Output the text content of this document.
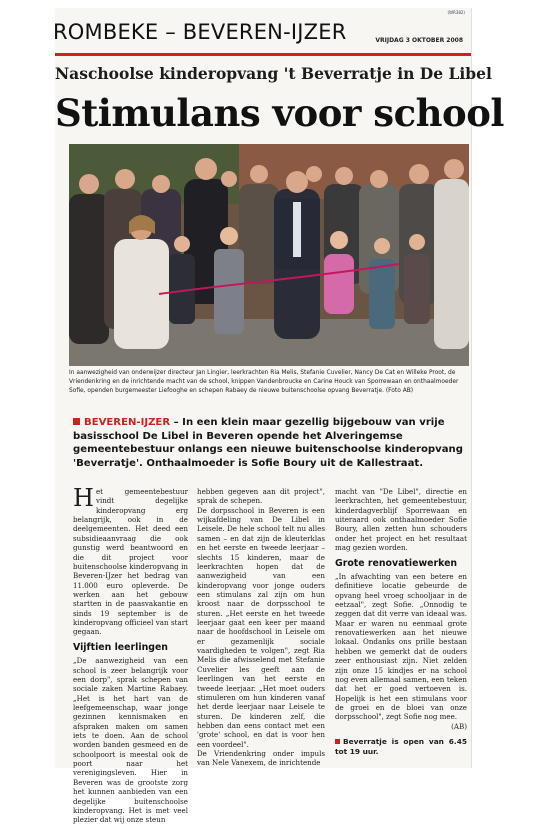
(WR382)
ROMBEKE – BEVEREN-IJZER	VRIJDAG 3 OKTOBER 2008
Naschoolse kinderopvang 't Beverratje in De Libel
Stimulans voor school
In aanwezigheid van onderwijzer directeur Jan Lingier, leerkrachten Ria Melis, Stefanie Cuvelier, Nancy De Cat en Willeke Proot, de Vriendenkring en de inrichtende macht van de school, knippen Vandenbroucke en Carine Houck van Sporrewaan en onthaalmoeder Sofie, openden burgemeester Liefooghe en schepen Rabaey de nieuwe buitenschoolse opvang Beverratje. (Foto AB)
BEVEREN-IJZER – In een klein maar gezellig bijgebouw van vrije basisschool De Libel in Beveren opende het Alveringemse gemeentebestuur onlangs een nieuwe buitenschoolse kinderopvang 'Beverratje'. Onthaalmoeder is Sofie Boury uit de Kallestraat.

Het gemeentebestuur vindt degelijke kinderopvang erg belangrijk, ook in de deelgemeenten. Het deed een subsidieaanvraag die ook gunstig werd beantwoord en die dit project voor buitenschoolse kinderopvang in Beveren-IJzer het bedrag van 11.000 euro opleverde. De werken aan het gebouw startten in de paasvakantie en sinds 19 september is de kinderopvang officieel van start gegaan.

Vijftien leerlingen

„De aanwezigheid van een school is zeer belangrijk voor een dorp", sprak schepen van sociale zaken Martine Rabaey. „Het is het hart van de leefgemeenschap, waar jonge gezinnen kennismaken en afspraken maken om samen iets te doen. Aan de school worden banden gesmeed en de schoolpoort is meestal ook de poort naar het verenigingsleven. Hier in Beveren was de grootste zorg het kunnen aanbieden van een degelijke buitenschoolse kinderopvang. Het is met veel plezier dat wij onze steun

hebben gegeven aan dit project", sprak de schepen.

De dorpsschool in Beveren is een wijkafdeling van De Libel in Leisele. De hele school telt nu alles samen – en dat zijn de kleuterklas en het eerste en tweede leerjaar – slechts 15 kinderen, maar de leerkrachten hopen dat de aanwezigheid van een kinderopvang voor jonge ouders een stimulans zal zijn om hun kroost naar de dorpsschool te sturen. „Het eerste en het tweede leerjaar gaat een keer per maand naar de hoofdschool in Leisele om er gezamenlijk sociale vaardigheden te volgen", zegt Ria Melis die afwisselend met Stefanie Cuvelier les geeft aan de leerlingen van het eerste en tweede leerjaar. „Het moet ouders stimuleren om hun kinderen vanaf het derde leerjaar naar Leisele te sturen. De kinderen zelf, die hebben dan eens contact met een 'grote' school, en dat is voor hen een voordeel".

De Vriendenkring onder impuls van Nele Vanexem, de inrichtende

macht van "De Libel", directie en leerkrachten, het gemeentebestuur, kinderdagverblijf Sporrewaan en uiteraard ook onthaalmoeder Sofie Boury, allen zetten hun schouders onder het project en het resultaat mag gezien worden.

Grote renovatiewerken

„In afwachting van een betere en definitieve locatie gebeurde de opvang heel vroeg schooljaar in de eetzaal", zegt Sofie. „Onnodig te zeggen dat dit verre van ideaal was. Maar er waren nu eenmaal grote renovatiewerken aan het nieuwe lokaal. Ondanks ons prille bestaan hebben we gemerkt dat de ouders zeer enthousiast zijn. Niet zelden zijn onze 15 kindjes er na school nog even allemaal samen, een teken dat het er goed vertoeven is. Hopelijk is het een stimulans voor de groei en de bloei van onze dorpsschool", zegt Sofie nog mee.

(AB)

Beverratje is open van 6.45 tot 19 uur.
